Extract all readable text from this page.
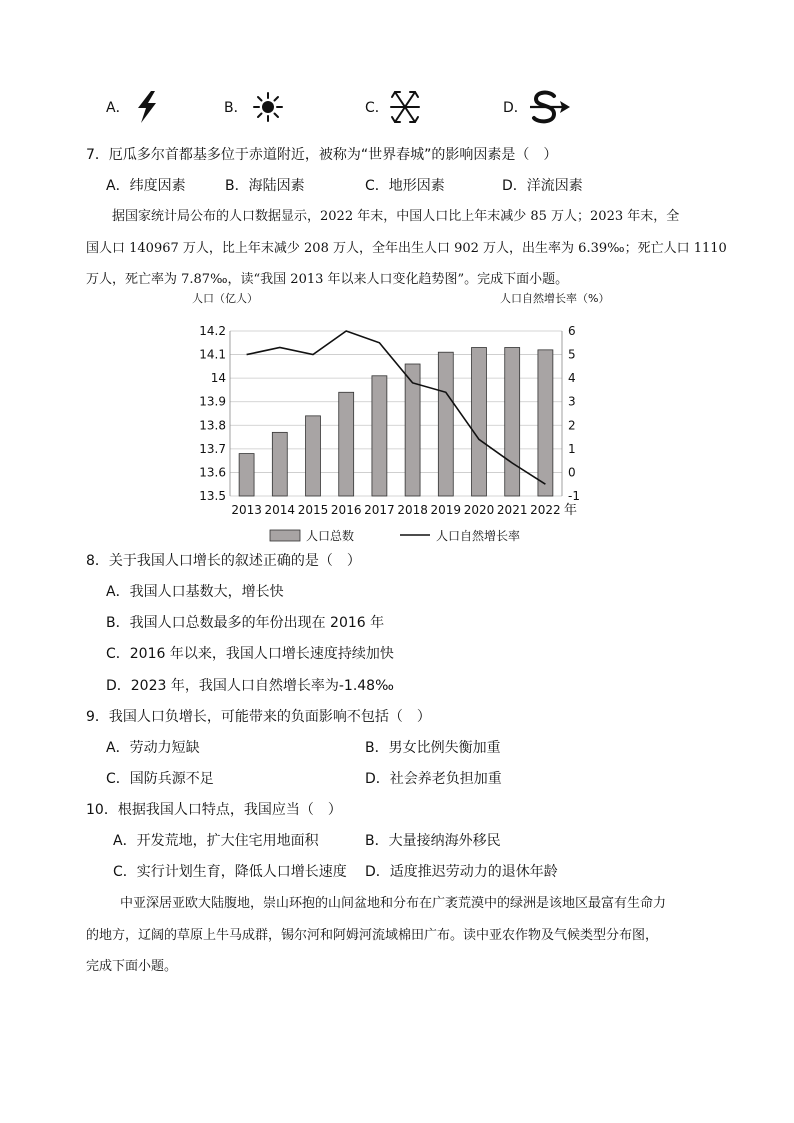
A．	B．	C．	D．
7．厄瓜多尔首都基多位于赤道附近，被称为“世界春城”的影响因素是（　）
A．纬度因素	B．海陆因素	C．地形因素	D．洋流因素
据国家统计局公布的人口数据显示，2022 年末，中国人口比上年末减少 85 万人；2023 年末，全
国人口 140967 万人，比上年末减少 208 万人，全年出生人口 902 万人，出生率为 6.39‰；死亡人口 1110
万人，死亡率为 7.87‰，读“我国 2013 年以来人口变化趋势图”。完成下面小题。
人口（亿人）	人口自然增长率（%）
14.2
14.1
14
13.9
13.8
13.7
13.6
13.5
6
5
4
3
2
1
0
-1
2013 2014 2015 2016 2017 2018 2019 2020 2021 2022 年
人口总数	人口自然增长率
8．关于我国人口增长的叙述正确的是（　）
A．我国人口基数大，增长快
B．我国人口总数最多的年份出现在 2016 年
C．2016 年以来，我国人口增长速度持续加快
D．2023 年，我国人口自然增长率为-1.48‰
9．我国人口负增长，可能带来的负面影响不包括（　）
A．劳动力短缺	B．男女比例失衡加重
C．国防兵源不足	D．社会养老负担加重
10．根据我国人口特点，我国应当（　）
A．开发荒地，扩大住宅用地面积	B．大量接纳海外移民
C．实行计划生育，降低人口增长速度 D．适度推迟劳动力的退休年龄
中亚深居亚欧大陆腹地，崇山环抱的山间盆地和分布在广袤荒漠中的绿洲是该地区最富有生命力
的地方，辽阔的草原上牛马成群，锡尔河和阿姆河流域棉田广布。读中亚农作物及气候类型分布图，
完成下面小题。
